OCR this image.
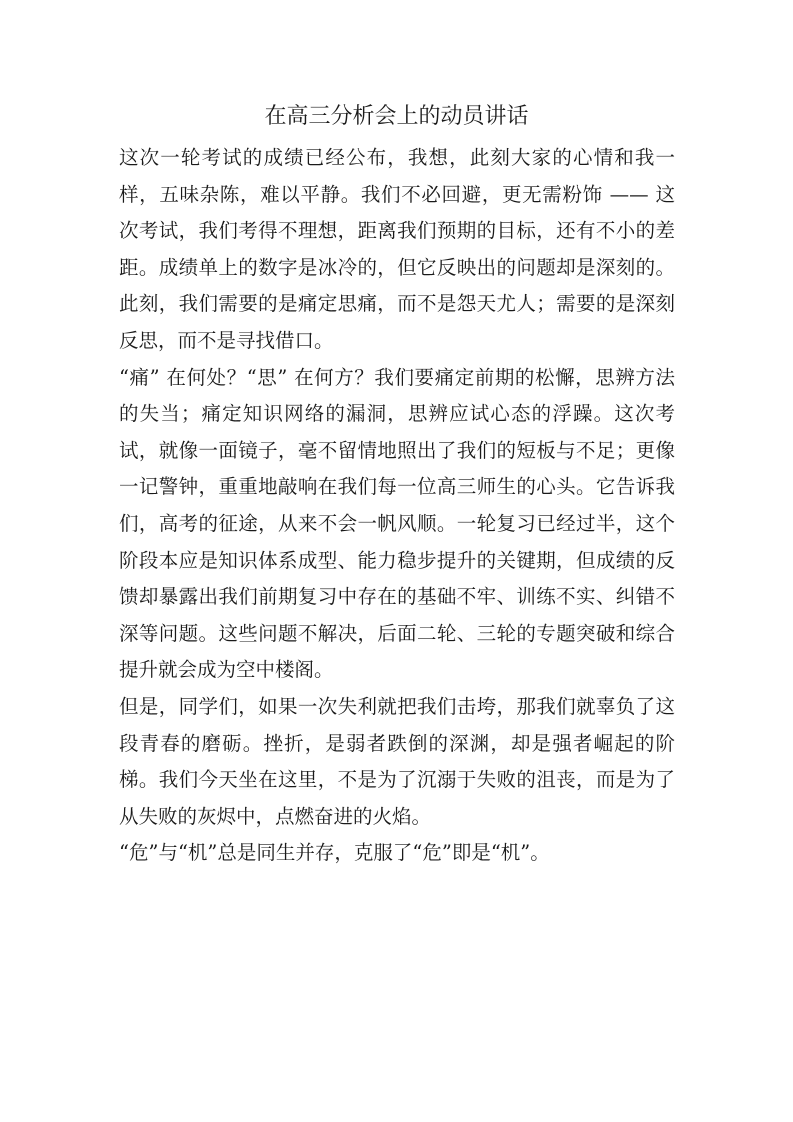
在高三分析会上的动员讲话

这次一轮考试的成绩已经公布，我想，此刻大家的心情和我一样，五味杂陈，难以平静。我们不必回避，更无需粉饰 —— 这次考试，我们考得不理想，距离我们预期的目标，还有不小的差距。成绩单上的数字是冰冷的，但它反映出的问题却是深刻的。此刻，我们需要的是痛定思痛，而不是怨天尤人；需要的是深刻反思，而不是寻找借口。

“痛” 在何处？“思” 在何方？我们要痛定前期的松懈，思辨方法的失当；痛定知识网络的漏洞，思辨应试心态的浮躁。这次考试，就像一面镜子，毫不留情地照出了我们的短板与不足；更像一记警钟，重重地敲响在我们每一位高三师生的心头。它告诉我们，高考的征途，从来不会一帆风顺。一轮复习已经过半，这个阶段本应是知识体系成型、能力稳步提升的关键期，但成绩的反馈却暴露出我们前期复习中存在的基础不牢、训练不实、纠错不深等问题。这些问题不解决，后面二轮、三轮的专题突破和综合提升就会成为空中楼阁。

但是，同学们，如果一次失利就把我们击垮，那我们就辜负了这段青春的磨砺。挫折，是弱者跌倒的深渊，却是强者崛起的阶梯。我们今天坐在这里，不是为了沉溺于失败的沮丧，而是为了从失败的灰烬中，点燃奋进的火焰。

“危”与“机”总是同生并存，克服了“危”即是“机”。
